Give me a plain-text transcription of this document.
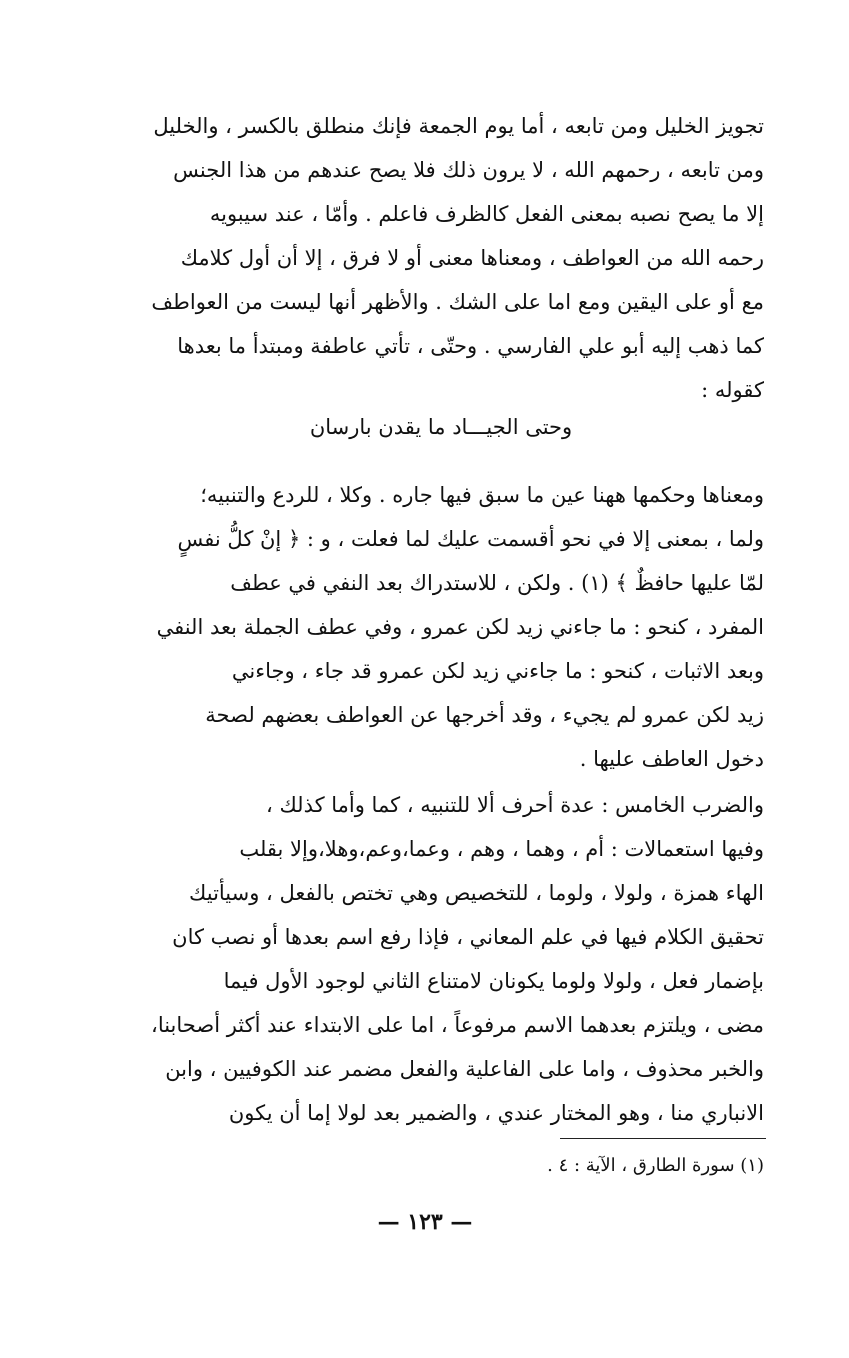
تجويز الخليل ومن تابعه ، أما يوم الجمعة فإنك منطلق بالكسر ، والخليل
ومن تابعه ، رحمهم الله ، لا يرون ذلك فلا يصح عندهم من هذا الجنس
إلا ما يصح نصبه بمعنى الفعل كالظرف فاعلم . وأمّا ، عند سيبويه
رحمه الله من العواطف ، ومعناها معنى أو لا فرق ، إلا أن أول كلامك
مع أو على اليقين ومع اما على الشك . والأظهر أنها ليست من العواطف
كما ذهب إليه أبو علي الفارسي . وحتّى ، تأتي عاطفة ومبتدأ ما بعدها
كقوله :
وحتى الجيـــاد ما يقدن بارسان
ومعناها وحكمها ههنا عين ما سبق فيها جاره . وكلا ، للردع والتنبيه؛
ولما ، بمعنى إلا في نحو أقسمت عليك لما فعلت ، و : ﴿ إنْ كلُّ نفسٍ
لمّا عليها حافظٌ ﴾ (١) . ولكن ، للاستدراك بعد النفي في عطف
المفرد ، كنحو : ما جاءني زيد لكن عمرو ، وفي عطف الجملة بعد النفي
وبعد الاثبات ، كنحو : ما جاءني زيد لكن عمرو قد جاء ، وجاءني
زيد لكن عمرو لم يجيء ، وقد أخرجها عن العواطف بعضهم لصحة
دخول العاطف عليها .
والضرب الخامس : عدة أحرف ألا للتنبيه ، كما وأما كذلك ،
وفيها استعمالات : أم ، وهما ، وهم ، وعما،وعم،وهلا،وإلا بقلب
الهاء همزة ، ولولا ، ولوما ، للتخصيص وهي تختص بالفعل ، وسيأتيك
تحقيق الكلام فيها في علم المعاني ، فإذا رفع اسم بعدها أو نصب كان
بإضمار فعل ، ولولا ولوما يكونان لامتناع الثاني لوجود الأول فيما
مضى ، ويلتزم بعدهما الاسم مرفوعاً ، اما على الابتداء عند أكثر أصحابنا،
والخبر محذوف ، واما على الفاعلية والفعل مضمر عند الكوفيين ، وابن
الانباري منا ، وهو المختار عندي ، والضمير بعد لولا إما أن يكون
(١) سورة الطارق ، الآية : ٤ .
— ١٢٣ —
